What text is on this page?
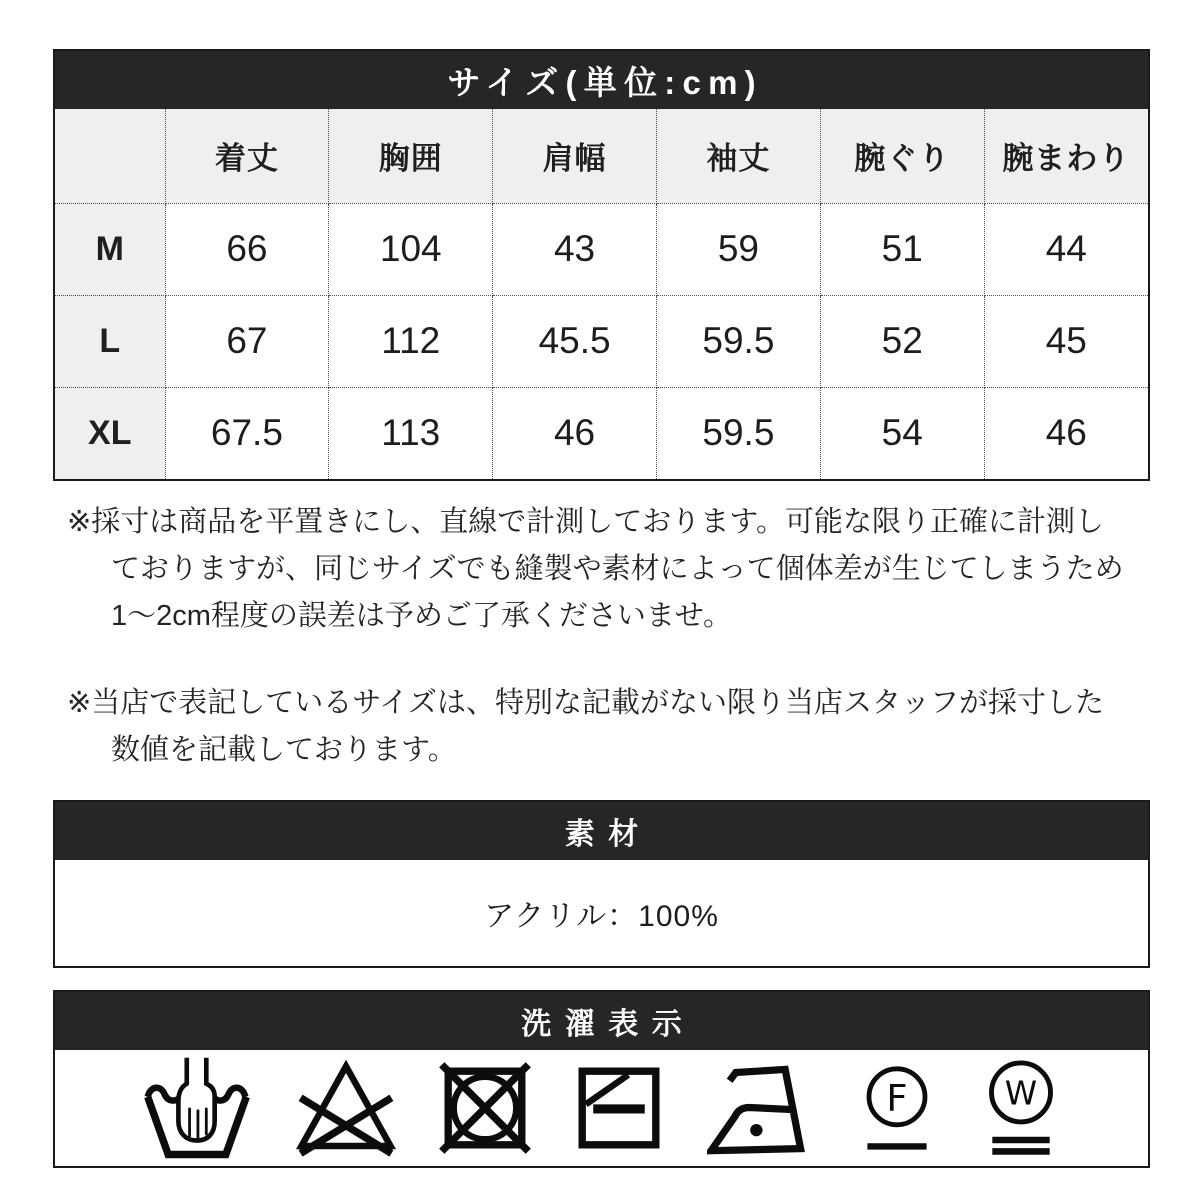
サイズ(単位:cm)
	着丈	胸囲	肩幅	袖丈	腕ぐり	腕まわり
M	66	104	43	59	51	44
L	67	112	45.5	59.5	52	45
XL	67.5	113	46	59.5	54	46

※採寸は商品を平置きにし、直線で計測しております。可能な限り正確に計測し
ておりますが、同じサイズでも縫製や素材によって個体差が生じてしまうため
1〜2cm程度の誤差は予めご了承くださいませ。

※当店で表記しているサイズは、特別な記載がない限り当店スタッフが採寸した
数値を記載しております。

素材
アクリル：100%
洗濯表示
F W
